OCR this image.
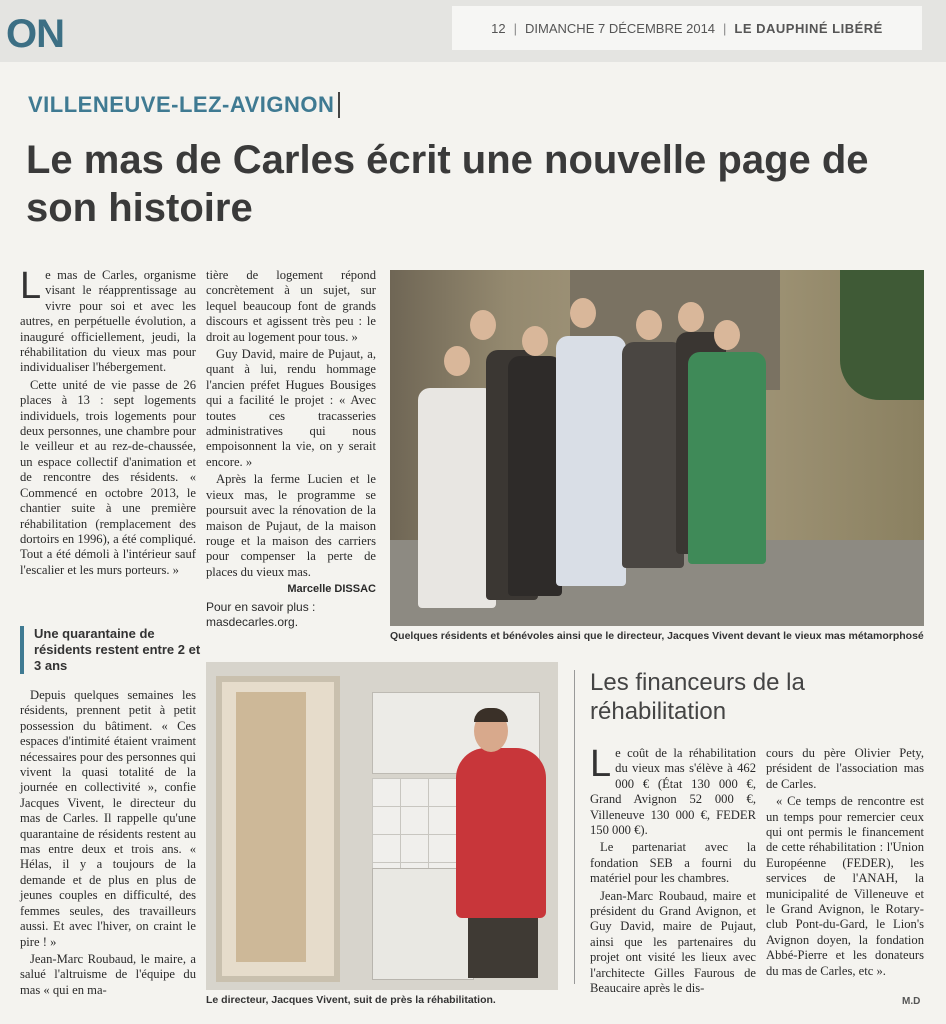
ON	12 | DIMANCHE 7 DÉCEMBRE 2014 | LE DAUPHINÉ LIBÉRÉ
VILLENEUVE-LEZ-AVIGNON
Le mas de Carles écrit une nouvelle page de son histoire

Le mas de Carles, organisme visant le réapprentissage au vivre pour soi et avec les autres, en perpétuelle évolution, a inauguré officiellement, jeudi, la réhabilitation du vieux mas pour individualiser l'hébergement.

Cette unité de vie passe de 26 places à 13 : sept logements individuels, trois logements pour deux personnes, une chambre pour le veilleur et au rez-de-chaussée, un espace collectif d'animation et de rencontre des résidents. « Commencé en octobre 2013, le chantier suite à une première réhabilitation (remplacement des dortoirs en 1996), a été compliqué. Tout a été démoli à l'intérieur sauf l'escalier et les murs porteurs. »

Une quarantaine de résidents restent entre 2 et 3 ans

Depuis quelques semaines les résidents, prennent petit à petit possession du bâtiment. « Ces espaces d'intimité étaient vraiment nécessaires pour des personnes qui vivent la quasi totalité de la journée en collectivité », confie Jacques Vivent, le directeur du mas de Carles. Il rappelle qu'une quarantaine de résidents restent au mas entre deux et trois ans. « Hélas, il y a toujours de la demande et de plus en plus de jeunes couples en difficulté, des femmes seules, des travailleurs aussi. Et avec l'hiver, on craint le pire ! »

Jean-Marc Roubaud, le maire, a salué l'altruisme de l'équipe du mas « qui en ma-

tière de logement répond concrètement à un sujet, sur lequel beaucoup font de grands discours et agissent très peu : le droit au logement pour tous. »

Guy David, maire de Pujaut, a, quant à lui, rendu hommage l'ancien préfet Hugues Bousiges qui a facilité le projet : « Avec toutes ces tracasseries administratives qui nous empoisonnent la vie, on y serait encore. »

Après la ferme Lucien et le vieux mas, le programme se poursuit avec la rénovation de la maison de Pujaut, de la maison rouge et la maison des carriers pour compenser la perte de places du vieux mas.

Marcelle DISSAC

Pour en savoir plus : masdecarles.org.

Quelques résidents et bénévoles ainsi que le directeur, Jacques Vivent devant le vieux mas métamorphosé
Le directeur, Jacques Vivent, suit de près la réhabilitation.
Les financeurs de la réhabilitation

Le coût de la réhabilitation du vieux mas s'élève à 462 000 € (État 130 000 €, Grand Avignon 52 000 €, Villeneuve 130 000 €, FEDER 150 000 €).

Le partenariat avec la fondation SEB a fourni du matériel pour les chambres.

Jean-Marc Roubaud, maire et président du Grand Avignon, et Guy David, maire de Pujaut, ainsi que les partenaires du projet ont visité les lieux avec l'architecte Gilles Faurous de Beaucaire après le dis-

cours du père Olivier Pety, président de l'association mas de Carles.

« Ce temps de rencontre est un temps pour remercier ceux qui ont permis le financement de cette réhabilitation : l'Union Européenne (FEDER), les services de l'ANAH, la municipalité de Villeneuve et le Grand Avignon, le Rotary-club Pont-du-Gard, le Lion's Avignon doyen, la fondation Abbé-Pierre et les donateurs du mas de Carles, etc ».

M.D
